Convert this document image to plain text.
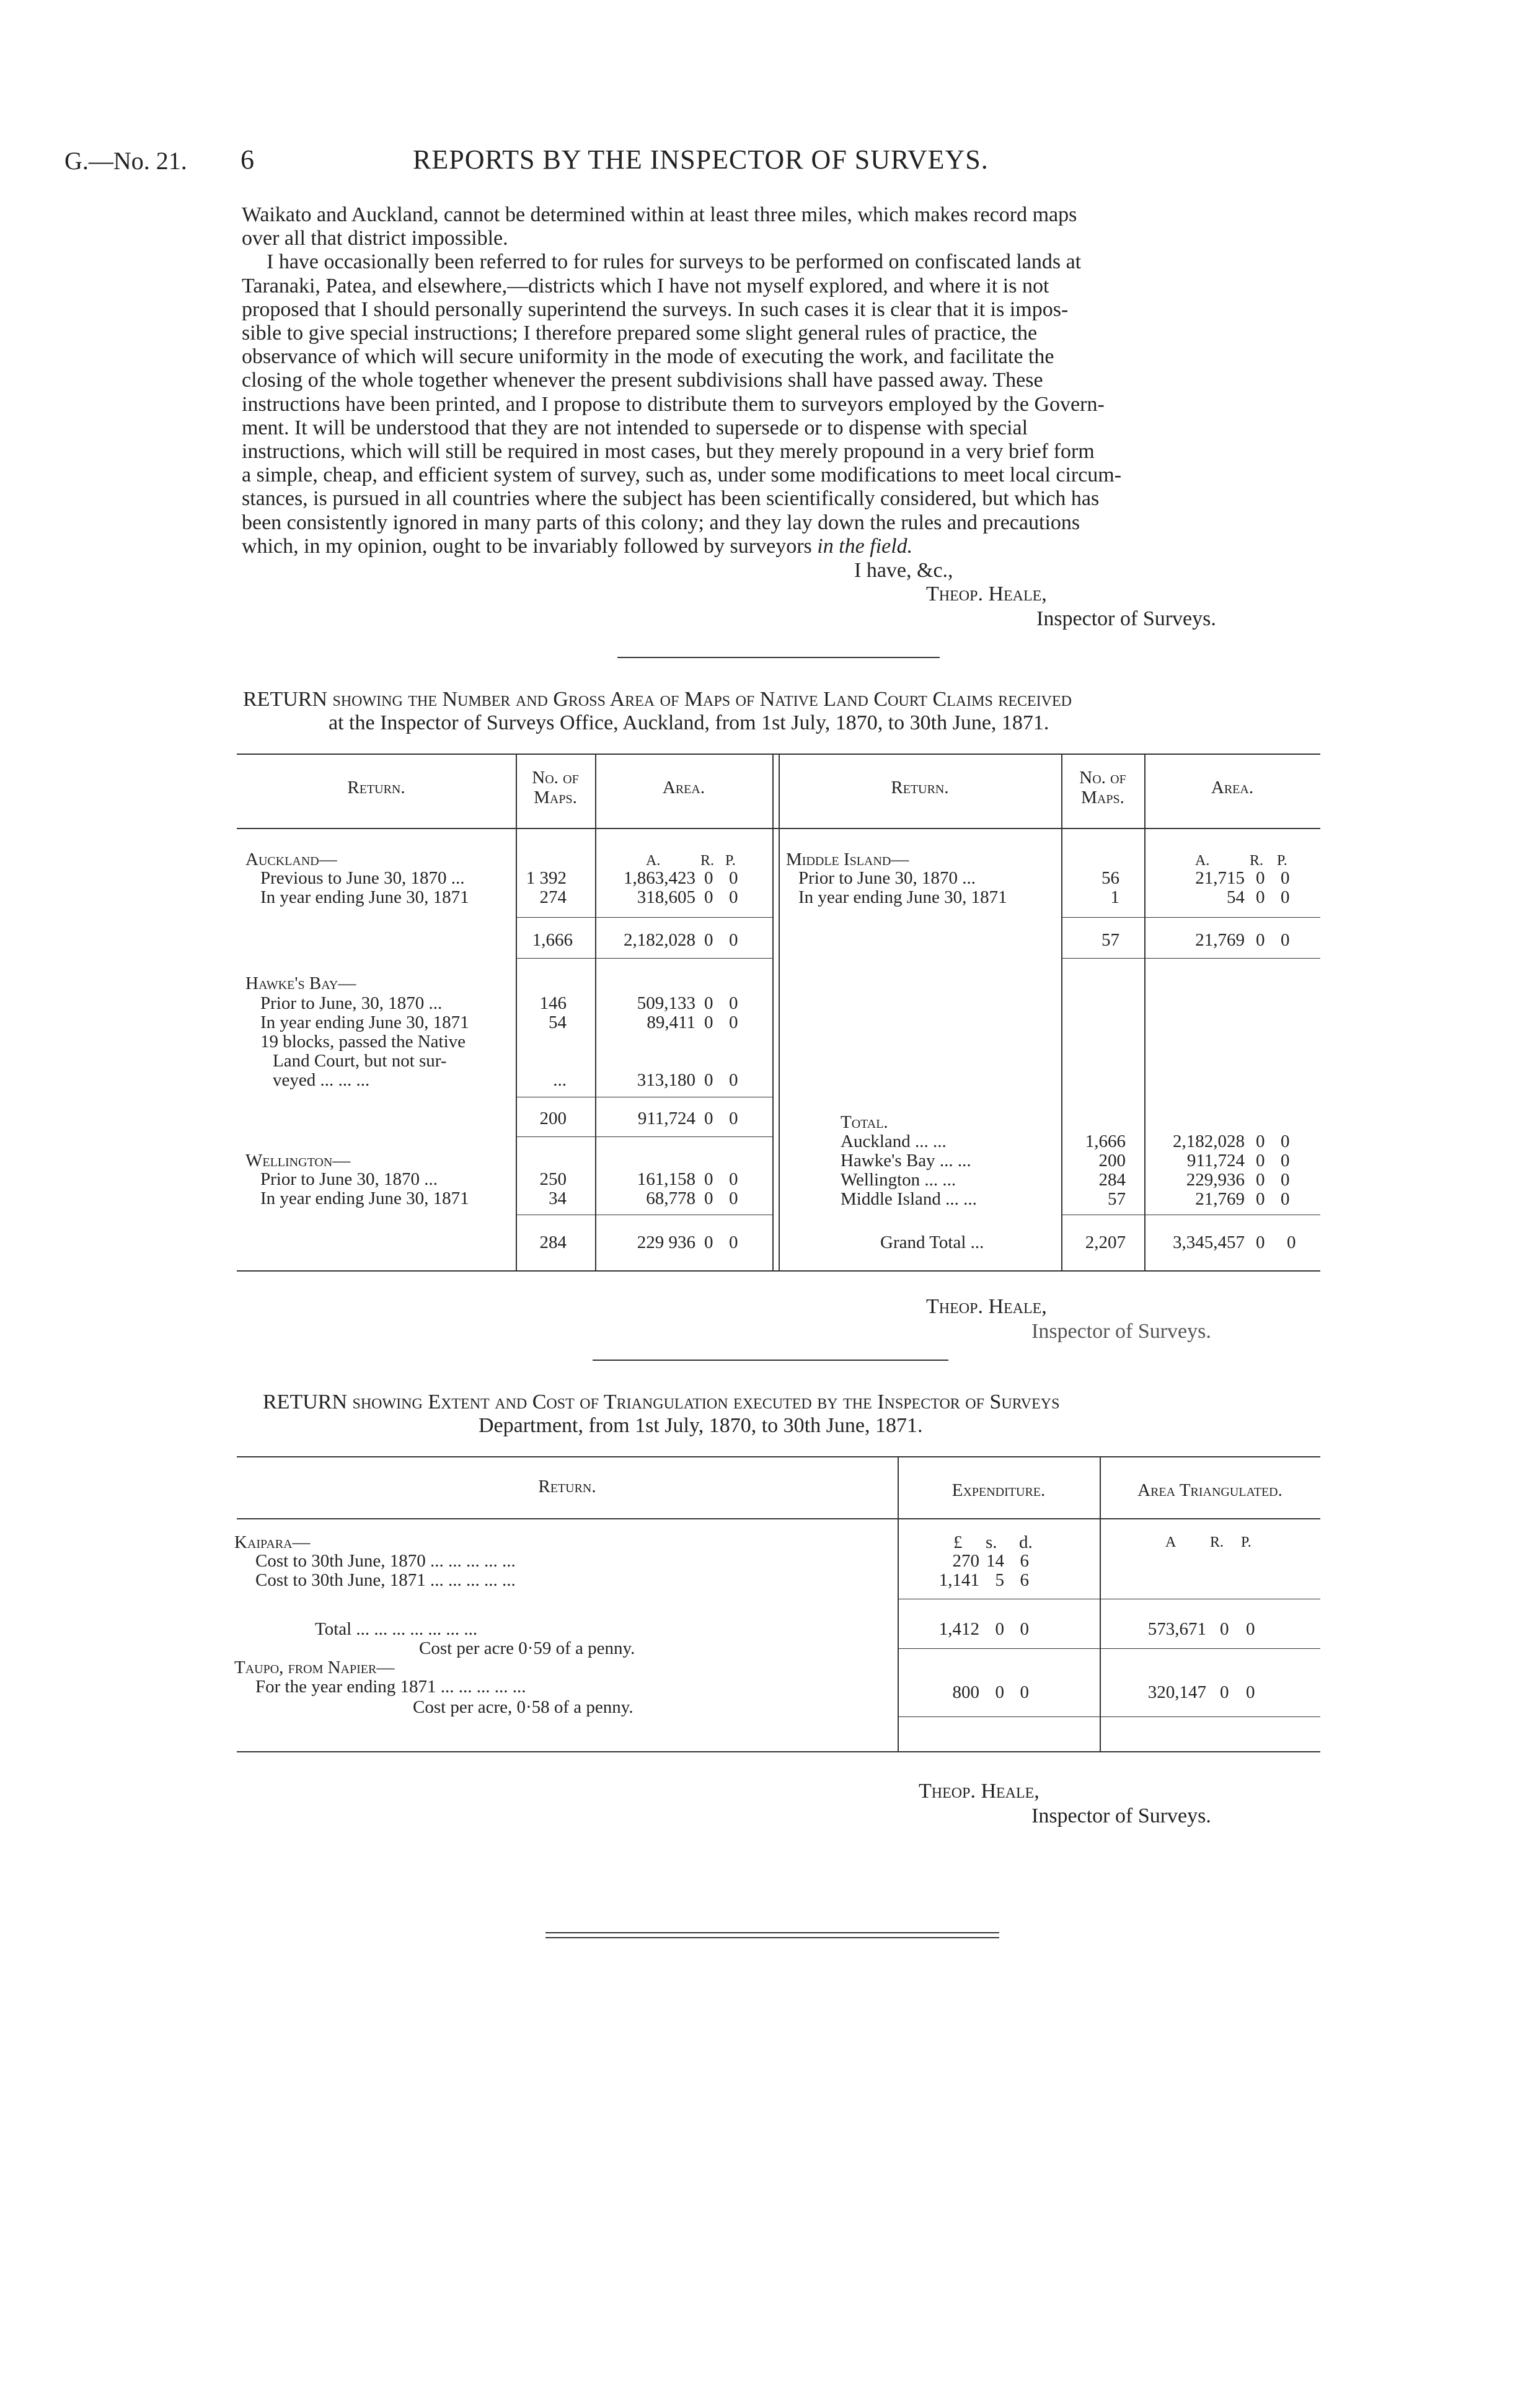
G.—No. 21. 6	REPORTS BY THE INSPECTOR OF SURVEYS.

Waikato and Auckland, cannot be determined within at least three miles, which makes record maps

over all that district impossible.

I have occasionally been referred to for rules for surveys to be performed on confiscated lands at

Taranaki, Patea, and elsewhere,—districts which I have not myself explored, and where it is not

proposed that I should personally superintend the surveys. In such cases it is clear that it is impos-

sible to give special instructions; I therefore prepared some slight general rules of practice, the

observance of which will secure uniformity in the mode of executing the work, and facilitate the

closing of the whole together whenever the present subdivisions shall have passed away. These

instructions have been printed, and I propose to distribute them to surveyors employed by the Govern-

ment. It will be understood that they are not intended to supersede or to dispense with special

instructions, which will still be required in most cases, but they merely propound in a very brief form

a simple, cheap, and efficient system of survey, such as, under some modifications to meet local circum-

stances, is pursued in all countries where the subject has been scientifically considered, but which has

been consistently ignored in many parts of this colony; and they lay down the rules and precautions

which, in my opinion, ought to be invariably followed by surveyors in the field.

I have, &c.,
Theop. Heale,
Inspector of Surveys.
RETURN showing the Number and Gross Area of Maps of Native Land Court Claims received
at the Inspector of Surveys Office, Auckland, from 1st July, 1870, to 30th June, 1871.
Return.	No. of
Maps.	Area.	Return.	No. of
Maps.	Area.
Auckland—	A.	R. P.
Previous to June 30, 1870 ...	1 392	1,863,423 0 0
In year ending June 30, 1871	274	318,605 0 0
1,666	2,182,028 0 0
Hawke's Bay—
Prior to June, 30, 1870 ...	146	509,133 0 0
In year ending June 30, 1871	54	89,411 0 0
19 blocks, passed the Native
Land Court, but not sur-
veyed ... ... ...	...	313,180 0 0
200	911,724 0 0
Wellington—
Prior to June 30, 1870 ...	250	161,158 0 0
In year ending June 30, 1871	34	68,778 0 0
284	229 936 0 0
Middle Island—	A.	R. P.
Prior to June 30, 1870 ...	56	21,715 0 0
In year ending June 30, 1871	1	54 0 0
57	21,769 0 0
Total.
Auckland ... ...	1,666	2,182,028 0 0
Hawke's Bay ... ...	200	911,724 0 0
Wellington ... ...	284	229,936 0 0
Middle Island ... ...	57	21,769 0 0
Grand Total ...	2,207	3,345,457 0 0
Theop. Heale,
Inspector of Surveys.
RETURN showing Extent and Cost of Triangulation executed by the Inspector of Surveys
Department, from 1st July, 1870, to 30th June, 1871.
Return.	Expenditure.	Area Triangulated.
Kaipara—	£ s. d.	A R. P.
Cost to 30th June, 1870 ... ... ... ... ...	270 14 6
Cost to 30th June, 1871 ... ... ... ... ...	1,141 5 6
Total ... ... ... ... ... ... ...	1,412 0 0	573,671 0 0
Cost per acre 0·59 of a penny.
Taupo, from Napier—
For the year ending 1871 ... ... ... ... ...	800 0 0	320,147 0 0
Cost per acre, 0·58 of a penny.
Theop. Heale,
Inspector of Surveys.
